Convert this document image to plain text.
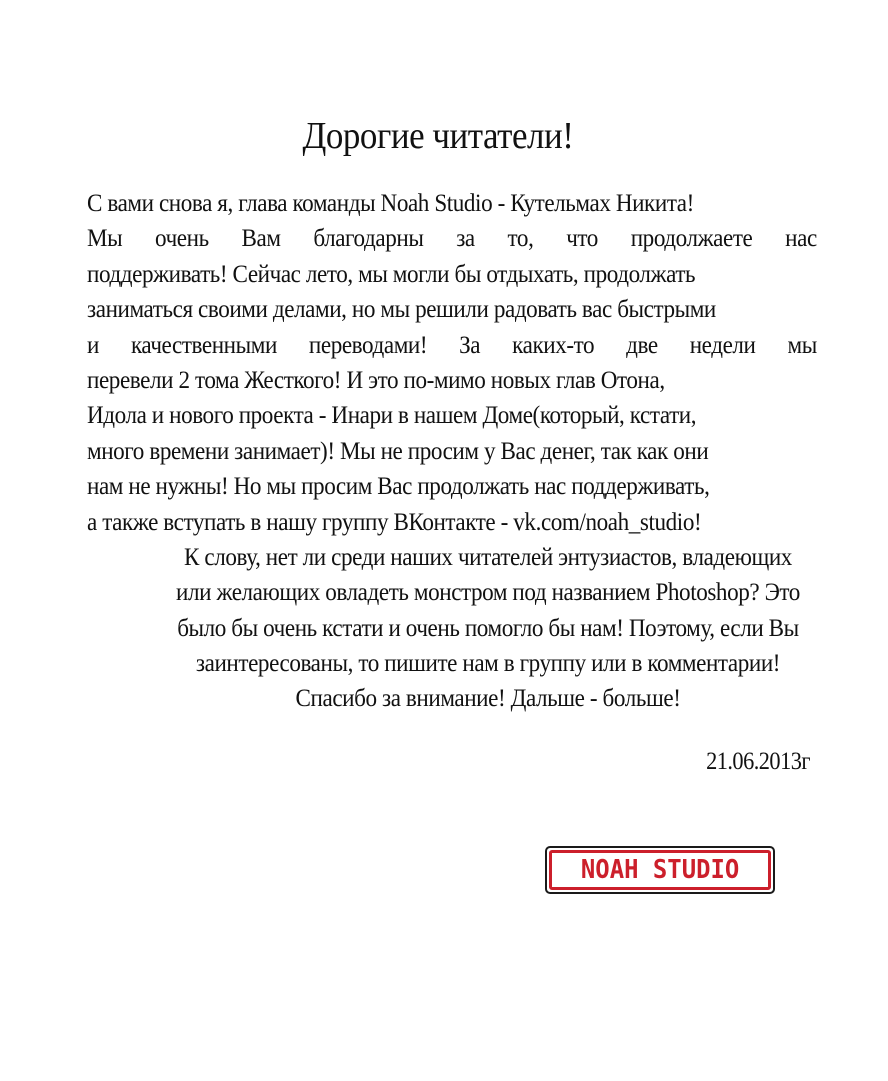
Дорогие читатели!
С вами снова я, глава команды Noah Studio - Кутельмах Никита!
Мы очень Вам благодарны за то, что продолжаете нас
поддерживать! Сейчас лето, мы могли бы отдыхать, продолжать
заниматься своими делами, но мы решили радовать вас быстрыми
и качественными переводами! За каких-то две недели мы
перевели 2 тома Жесткого! И это по-мимо новых глав Отона,
Идола и нового проекта - Инари в нашем Доме(который, кстати,
много времени занимает)! Мы не просим у Вас денег, так как они
нам не нужны! Но мы просим Вас продолжать нас поддерживать,
а также вступать в нашу группу ВКонтакте - vk.com/noah_studio!
К слову, нет ли среди наших читателей энтузиастов, владеющих
или желающих овладеть монстром под названием Photoshop? Это
было бы очень кстати и очень помогло бы нам! Поэтому, если Вы
заинтересованы, то пишите нам в группу или в комментарии!
Спасибо за внимание! Дальше - больше!
21.06.2013г
NOAH STUDIO
